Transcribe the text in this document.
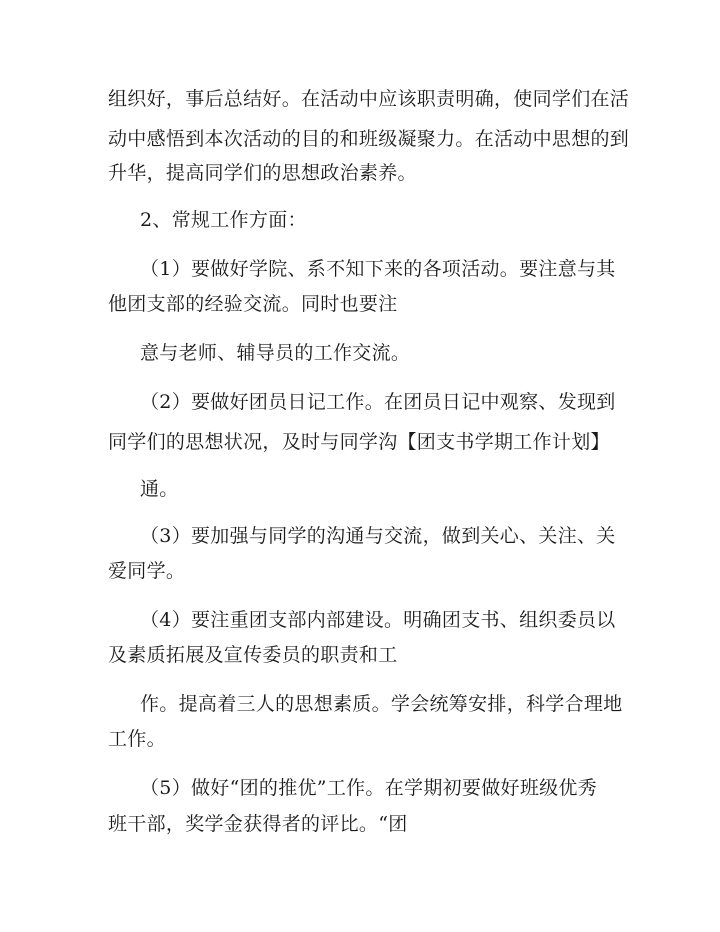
组织好，事后总结好。在活动中应该职责明确，使同学们在活

动中感悟到本次活动的目的和班级凝聚力。在活动中思想的到

升华，提高同学们的思想政治素养。

2、常规工作方面：

（1）要做好学院、系不知下来的各项活动。要注意与其

他团支部的经验交流。同时也要注

意与老师、辅导员的工作交流。

（2）要做好团员日记工作。在团员日记中观察、发现到

同学们的思想状况，及时与同学沟【团支书学期工作计划】

通。

（3）要加强与同学的沟通与交流，做到关心、关注、关

爱同学。

（4）要注重团支部内部建设。明确团支书、组织委员以

及素质拓展及宣传委员的职责和工

作。提高着三人的思想素质。学会统筹安排，科学合理地

工作。

（5）做好“团的推优”工作。在学期初要做好班级优秀

班干部，奖学金获得者的评比。“团
